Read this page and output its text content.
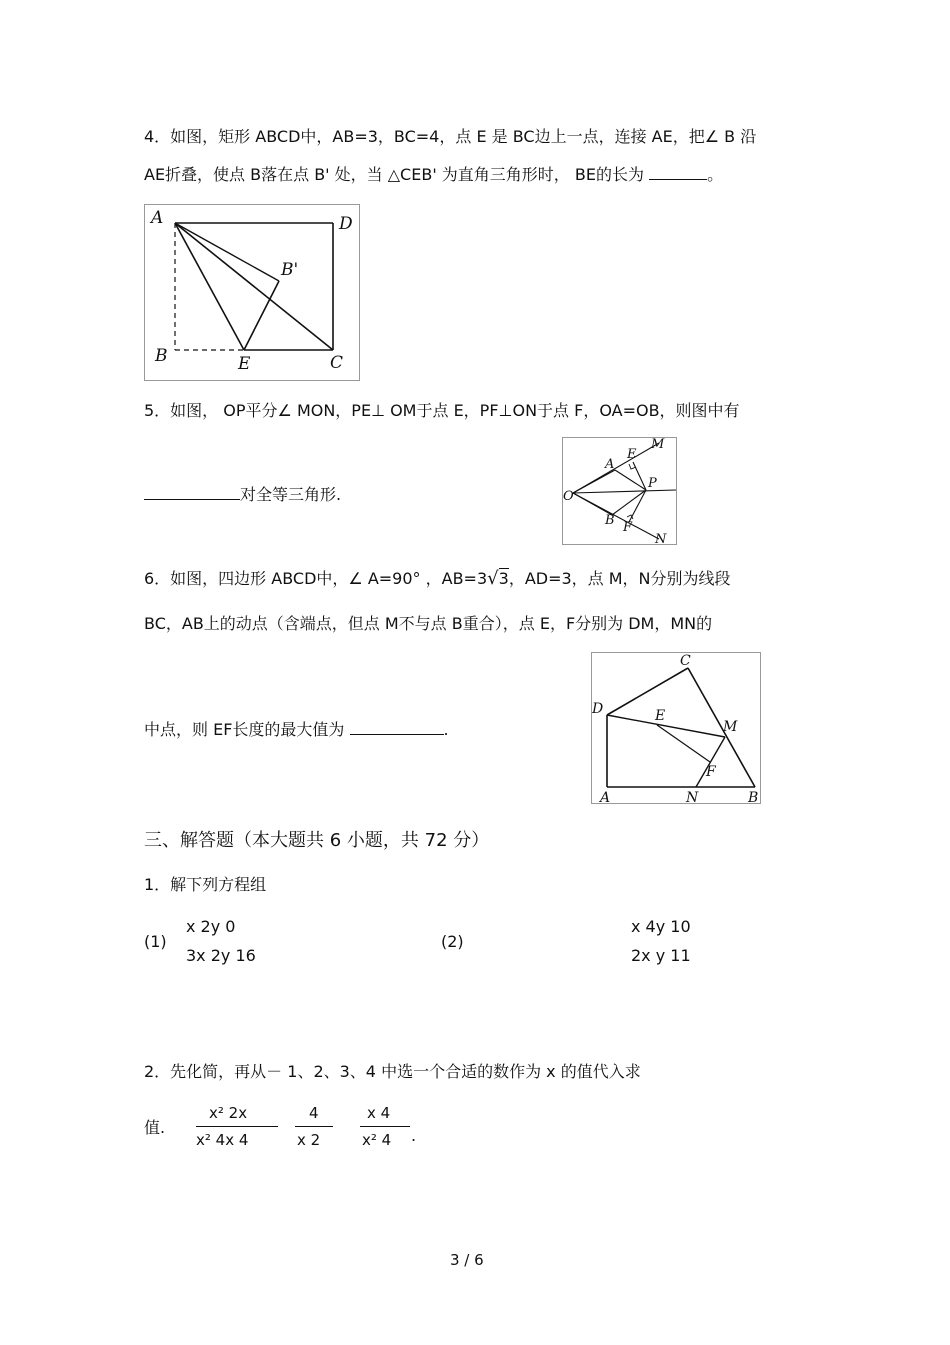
4．如图，矩形 ABCD中，AB=3，BC=4，点 E 是 BC边上一点，连接 AE，把∠ B 沿
AE折叠，使点 B落在点 B' 处，当 △CEB' 为直角三角形时， BE的长为	。
A	D
B'
B	E	C
5．如图， OP平分∠ MON，PE⊥ OM于点 E，PF⊥ON于点 F，OA=OB，则图中有
对全等三角形.	O
A
E
M
P
B F
N
6．如图，四边形 ABCD中，∠ A=90° ，AB=3√3，AD=3，点 M，N分别为线段
BC，AB上的动点（含端点，但点 M不与点 B重合），点 E，F分别为 DM，MN的
中点，则 EF长度的最大值为	.
D
C
E
M
F
A	N	B
三、解答题（本大题共 6 小题，共 72 分）
1．解下列方程组
(1)
x 2y 0
3x 2y 16
(2)
x 4y 10
2x y 11
2．先化简，再从－ 1、2、3、4 中选一个合适的数作为 x 的值代入求
值.
x² 2x
x² 4x 4
4
x 2
x 4
x² 4 .
3 / 6
